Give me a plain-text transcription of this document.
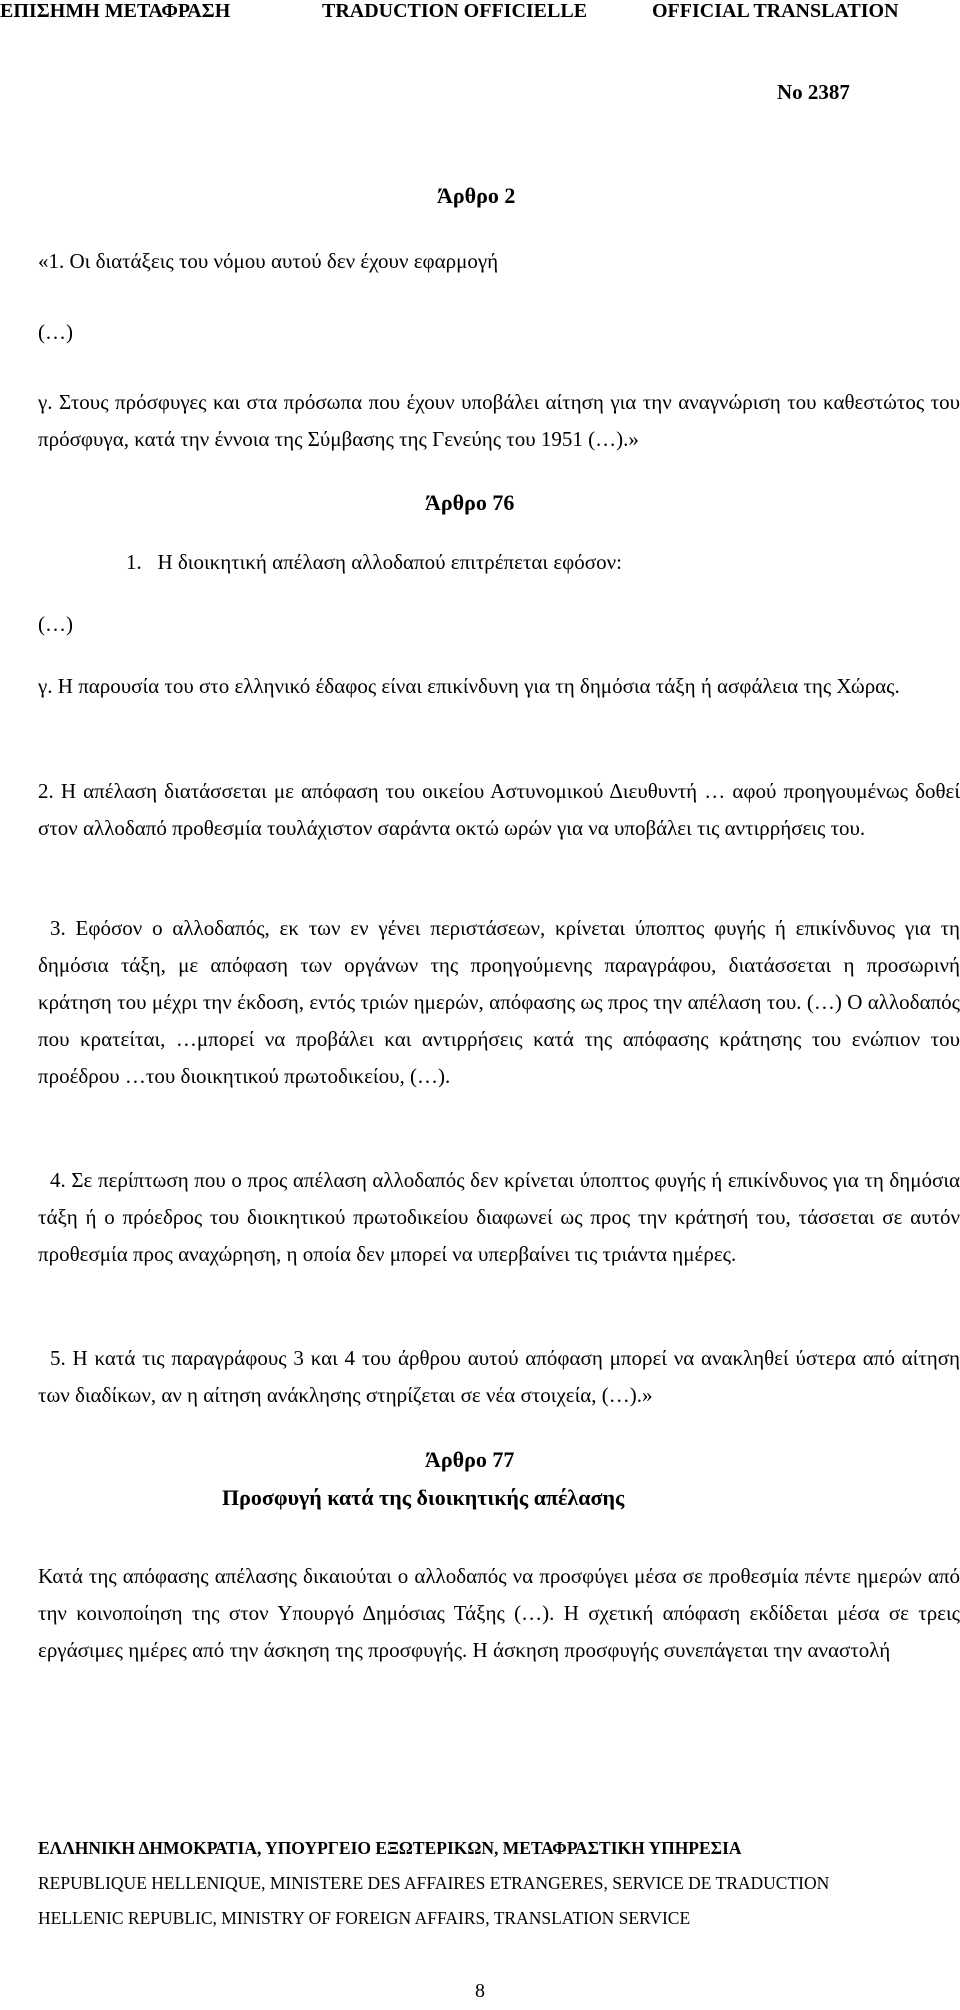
ΕΠΙΣΗΜΗ ΜΕΤΑΦΡΑΣΗ	TRADUCTION OFFICIELLE	OFFICIAL TRANSLATION
No 2387
Άρθρο 2
«1. Οι διατάξεις του νόμου αυτού δεν έχουν εφαρμογή
(…)
γ. Στους πρόσφυγες και στα πρόσωπα που έχουν υποβάλει αίτηση για την αναγνώριση του καθεστώτος του πρόσφυγα, κατά την έννοια της Σύμβασης της Γενεύης του 1951 (…).»
Άρθρο 76
1.   Η διοικητική απέλαση αλλοδαπού επιτρέπεται εφόσον:
(…)
γ. Η παρουσία του στο ελληνικό έδαφος είναι επικίνδυνη για τη δημόσια τάξη ή ασφάλεια της Χώρας.
2. Η απέλαση διατάσσεται με απόφαση του οικείου Αστυνομικού Διευθυντή … αφού προηγουμένως δοθεί στον αλλοδαπό προθεσμία τουλάχιστον σαράντα οκτώ ωρών για να υποβάλει τις αντιρρήσεις του.
3. Εφόσον ο αλλοδαπός, εκ των εν γένει περιστάσεων, κρίνεται ύποπτος φυγής ή επικίνδυνος για τη δημόσια τάξη, με απόφαση των οργάνων της προηγούμενης παραγράφου, διατάσσεται η προσωρινή κράτηση του μέχρι την έκδοση, εντός τριών ημερών, απόφασης ως προς την απέλαση του. (…) Ο αλλοδαπός που κρατείται, …μπορεί να προβάλει και αντιρρήσεις κατά της απόφασης κράτησης του ενώπιον του προέδρου …του διοικητικού πρωτοδικείου, (…).
4. Σε περίπτωση που ο προς απέλαση αλλοδαπός δεν κρίνεται ύποπτος φυγής ή επικίνδυνος για τη δημόσια τάξη ή ο πρόεδρος του διοικητικού πρωτοδικείου διαφωνεί ως προς την κράτησή του, τάσσεται σε αυτόν προθεσμία προς αναχώρηση, η οποία δεν μπορεί να υπερβαίνει τις τριάντα ημέρες.
5. Η κατά τις παραγράφους 3 και 4 του άρθρου αυτού απόφαση μπορεί να ανακληθεί ύστερα από αίτηση των διαδίκων, αν η αίτηση ανάκλησης στηρίζεται σε νέα στοιχεία, (…).»
Άρθρο 77
Προσφυγή κατά της διοικητικής απέλασης
Κατά της απόφασης απέλασης δικαιούται ο αλλοδαπός να προσφύγει μέσα σε προθεσμία πέντε ημερών από την κοινοποίηση της στον Υπουργό Δημόσιας Τάξης (…). Η σχετική απόφαση εκδίδεται μέσα σε τρεις εργάσιμες ημέρες από την άσκηση της προσφυγής. Η άσκηση προσφυγής συνεπάγεται την αναστολή
ΕΛΛΗΝΙΚΗ ΔΗΜΟΚΡΑΤΙΑ, ΥΠΟΥΡΓΕΙΟ ΕΞΩΤΕΡΙΚΩΝ, ΜΕΤΑΦΡΑΣΤΙΚΗ ΥΠΗΡΕΣΙΑ
REPUBLIQUE HELLENIQUE, MINISTERE DES AFFAIRES ETRANGERES, SERVICE DE TRADUCTION
HELLENIC REPUBLIC, MINISTRY OF FOREIGN AFFAIRS, TRANSLATION SERVICE
8
